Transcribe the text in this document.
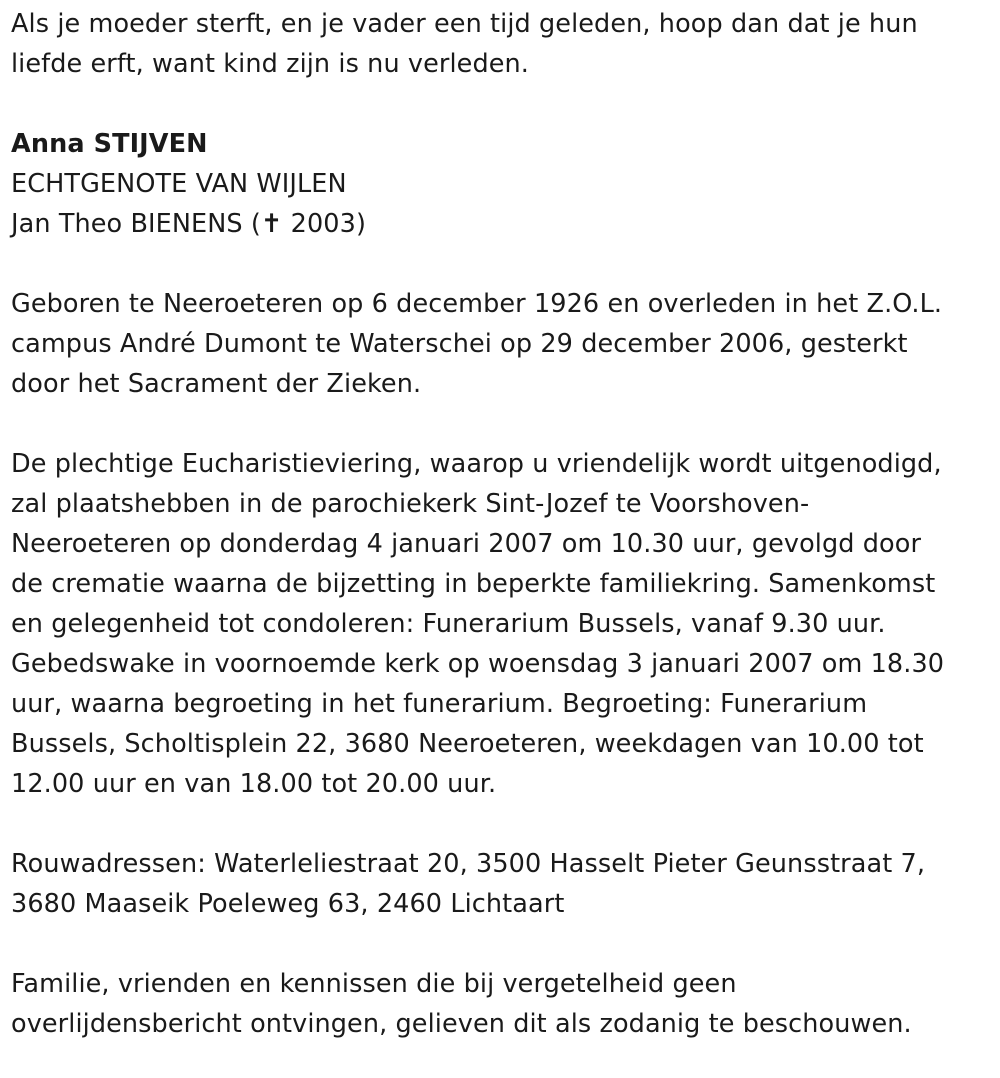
Als je moeder sterft, en je vader een tijd geleden, hoop dan dat je hun

liefde erft, want kind zijn is nu verleden.

Anna STIJVEN

ECHTGENOTE VAN WIJLEN

Jan Theo BIENENS (✝ 2003)

Geboren te Neeroeteren op 6 december 1926 en overleden in het Z.O.L.

campus André Dumont te Waterschei op 29 december 2006, gesterkt

door het Sacrament der Zieken.

De plechtige Eucharistieviering, waarop u vriendelijk wordt uitgenodigd,

zal plaatshebben in de parochiekerk Sint-Jozef te Voorshoven-

Neeroeteren op donderdag 4 januari 2007 om 10.30 uur, gevolgd door

de crematie waarna de bijzetting in beperkte familiekring. Samenkomst

en gelegenheid tot condoleren: Funerarium Bussels, vanaf 9.30 uur.

Gebedswake in voornoemde kerk op woensdag 3 januari 2007 om 18.30

uur, waarna begroeting in het funerarium. Begroeting: Funerarium

Bussels, Scholtisplein 22, 3680 Neeroeteren, weekdagen van 10.00 tot

12.00 uur en van 18.00 tot 20.00 uur.

Rouwadressen: Waterleliestraat 20, 3500 Hasselt Pieter Geunsstraat 7,

3680 Maaseik Poeleweg 63, 2460 Lichtaart

Familie, vrienden en kennissen die bij vergetelheid geen

overlijdensbericht ontvingen, gelieven dit als zodanig te beschouwen.
